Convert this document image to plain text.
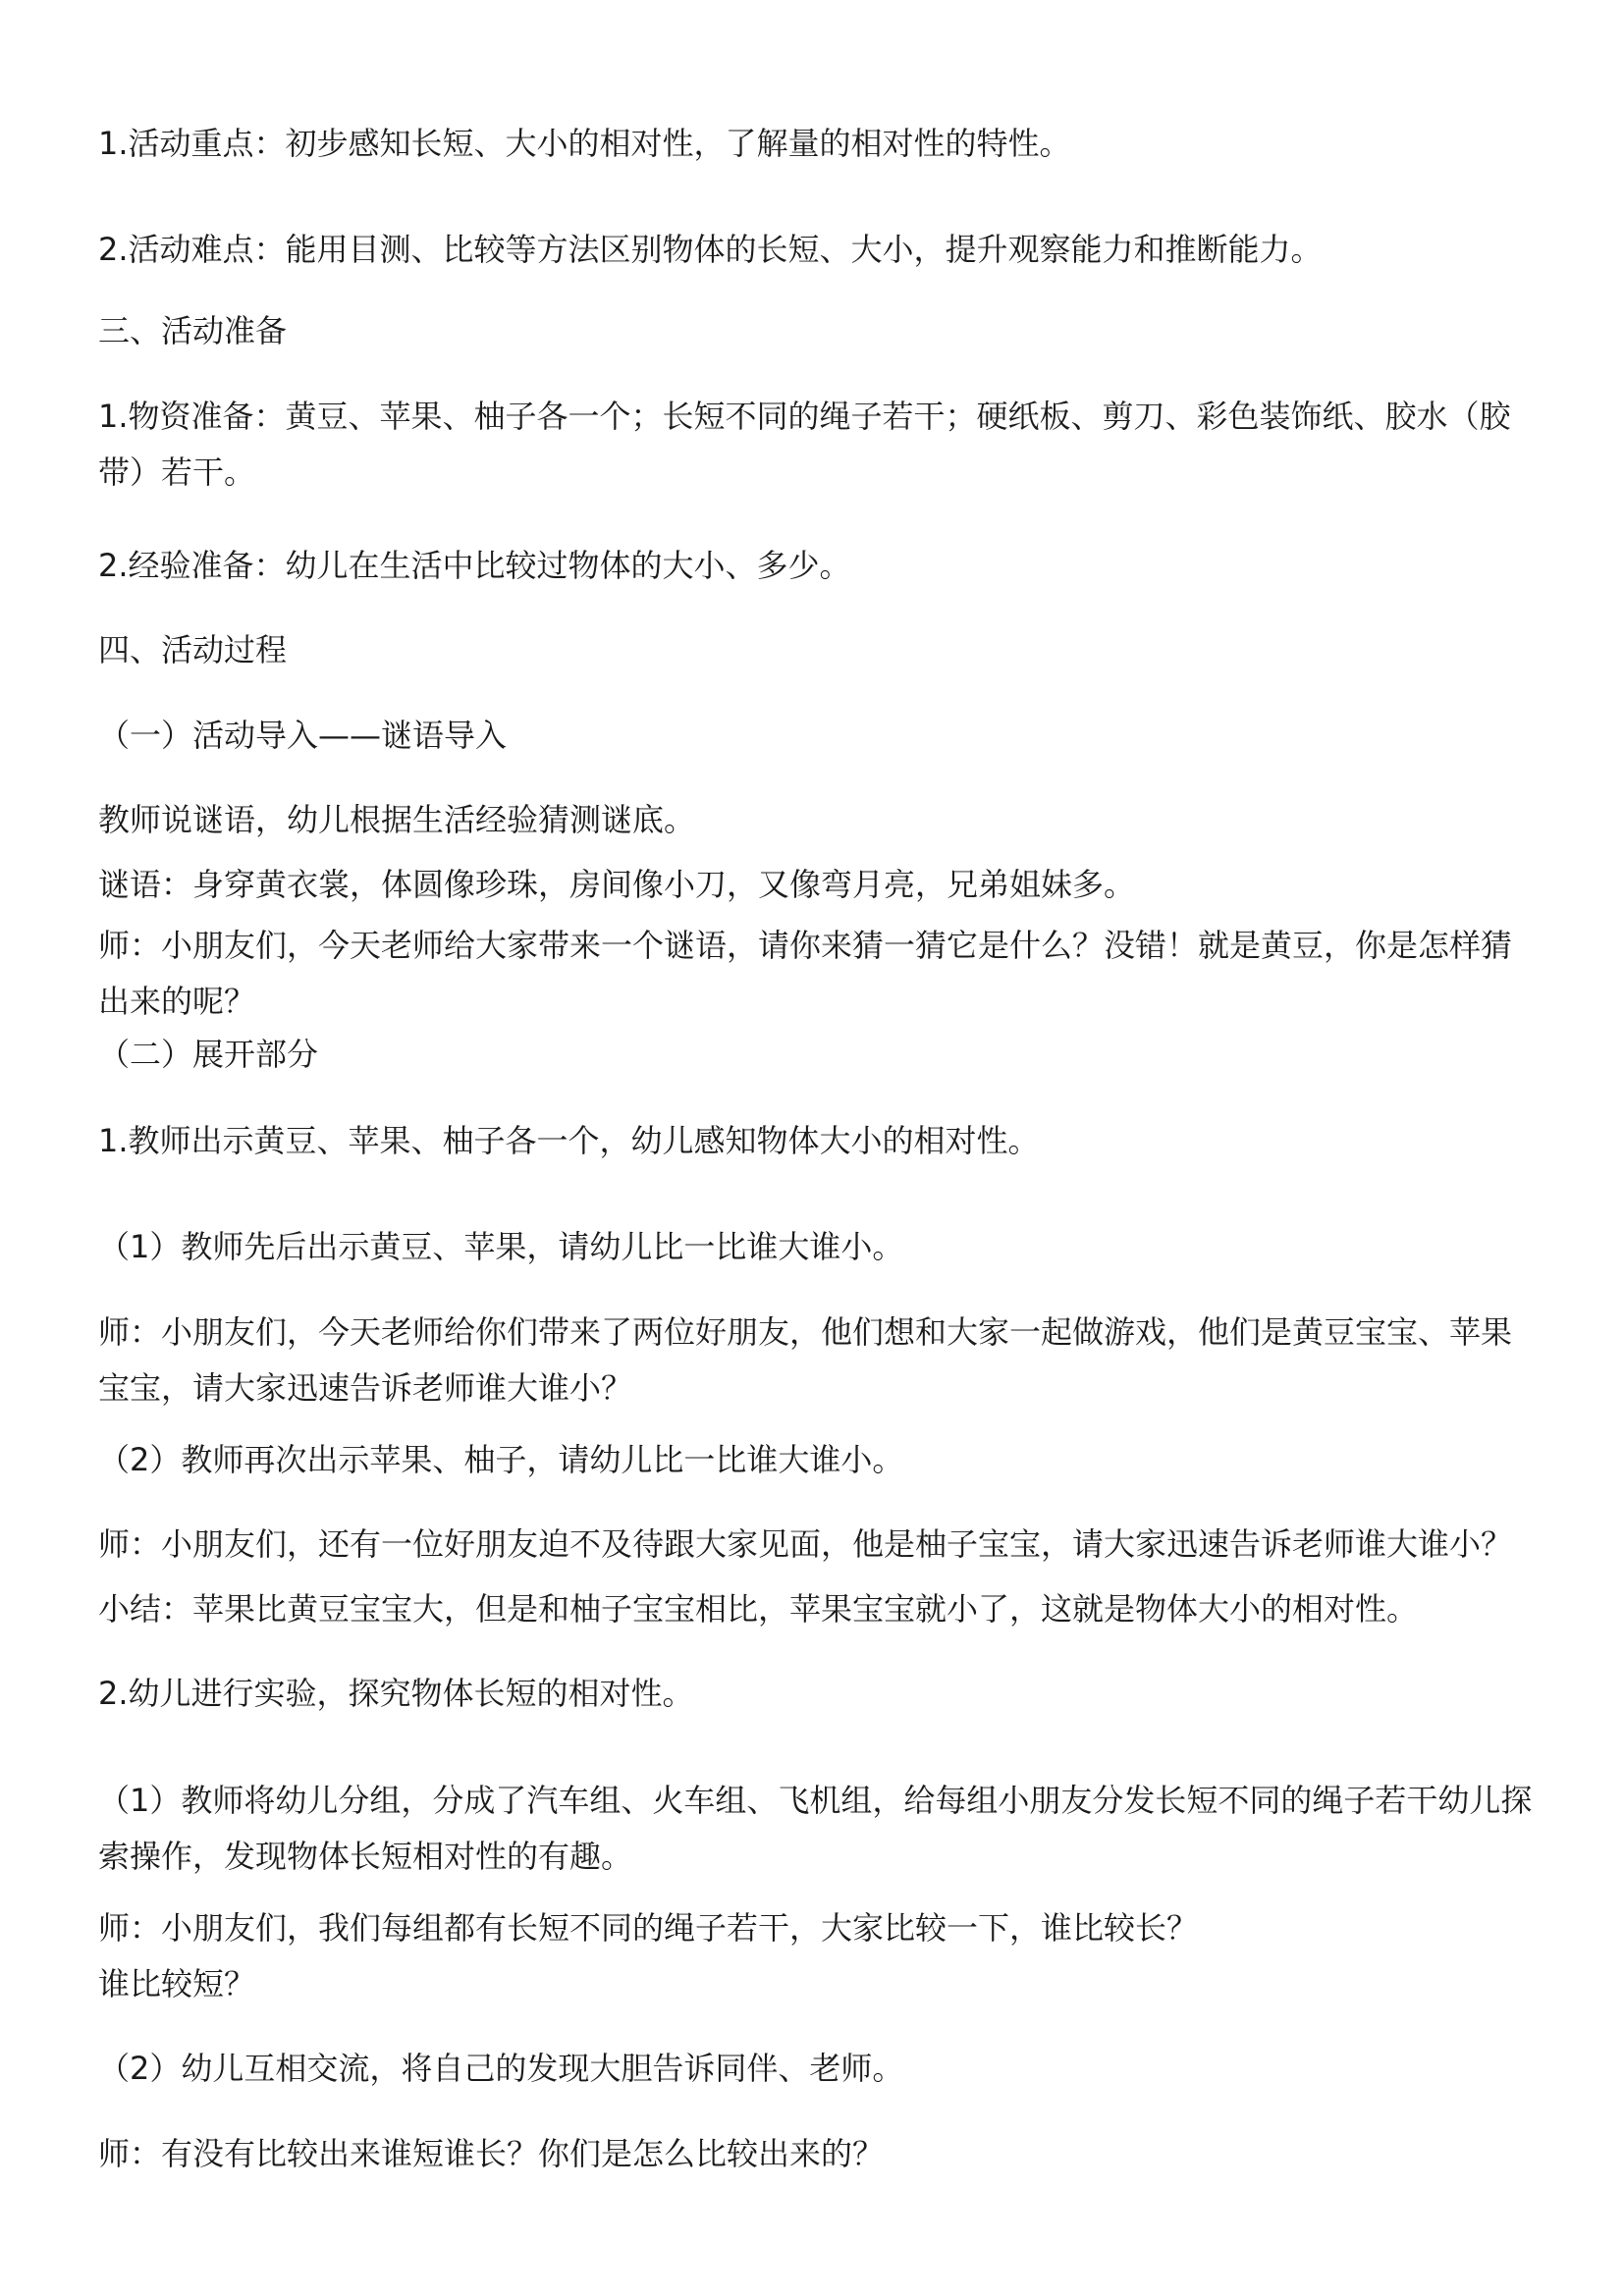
1.活动重点：初步感知长短、大小的相对性，了解量的相对性的特性。

2.活动难点：能用目测、比较等方法区别物体的长短、大小，提升观察能力和推断能力。

三、活动准备

1.物资准备：黄豆、苹果、柚子各一个；长短不同的绳子若干；硬纸板、剪刀、彩色装饰纸、胶水（胶带）若干。

2.经验准备：幼儿在生活中比较过物体的大小、多少。

四、活动过程

（一）活动导入——谜语导入

教师说谜语，幼儿根据生活经验猜测谜底。

谜语：身穿黄衣裳，体圆像珍珠，房间像小刀，又像弯月亮，兄弟姐妹多。

师：小朋友们，今天老师给大家带来一个谜语，请你来猜一猜它是什么？没错！就是黄豆，你是怎样猜出来的呢？

（二）展开部分

1.教师出示黄豆、苹果、柚子各一个，幼儿感知物体大小的相对性。

（1）教师先后出示黄豆、苹果，请幼儿比一比谁大谁小。

师：小朋友们，今天老师给你们带来了两位好朋友，他们想和大家一起做游戏，他们是黄豆宝宝、苹果宝宝，请大家迅速告诉老师谁大谁小？

（2）教师再次出示苹果、柚子，请幼儿比一比谁大谁小。

师：小朋友们，还有一位好朋友迫不及待跟大家见面，他是柚子宝宝，请大家迅速告诉老师谁大谁小？

小结：苹果比黄豆宝宝大，但是和柚子宝宝相比，苹果宝宝就小了，这就是物体大小的相对性。

2.幼儿进行实验，探究物体长短的相对性。

（1）教师将幼儿分组，分成了汽车组、火车组、飞机组，给每组小朋友分发长短不同的绳子若干幼儿探索操作，发现物体长短相对性的有趣。

师：小朋友们，我们每组都有长短不同的绳子若干，大家比较一下，谁比较长？

谁比较短？

（2）幼儿互相交流，将自己的发现大胆告诉同伴、老师。

师：有没有比较出来谁短谁长？你们是怎么比较出来的？
